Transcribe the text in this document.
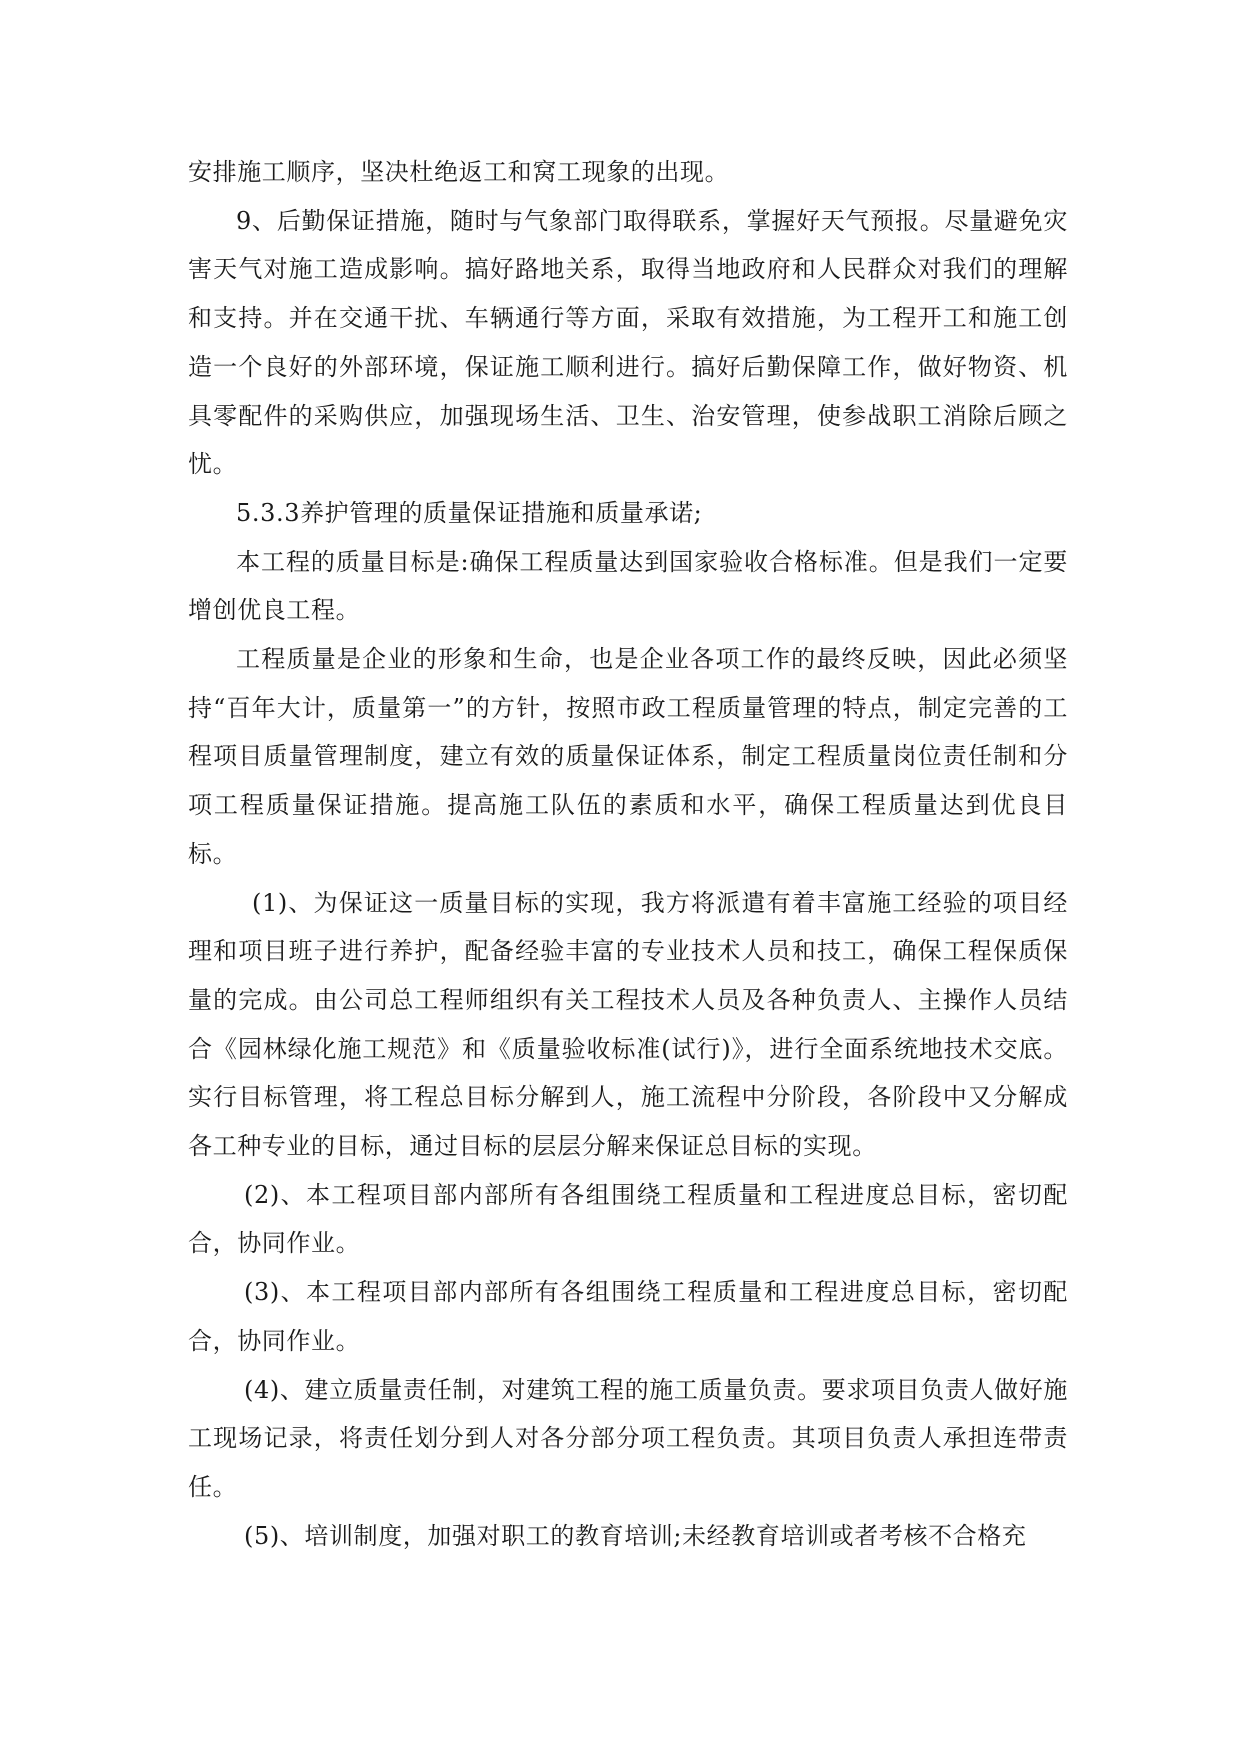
安排施工顺序，坚决杜绝返工和窝工现象的出现。

9、后勤保证措施，随时与气象部门取得联系，掌握好天气预报。尽量避免灾害天气对施工造成影响。搞好路地关系，取得当地政府和人民群众对我们的理解和支持。并在交通干扰、车辆通行等方面，采取有效措施，为工程开工和施工创造一个良好的外部环境，保证施工顺利进行。搞好后勤保障工作，做好物资、机具零配件的采购供应，加强现场生活、卫生、治安管理，使参战职工消除后顾之忧。

5.3.3养护管理的质量保证措施和质量承诺;

本工程的质量目标是:确保工程质量达到国家验收合格标准。但是我们一定要增创优良工程。

工程质量是企业的形象和生命，也是企业各项工作的最终反映，因此必须坚持“百年大计，质量第一”的方针，按照市政工程质量管理的特点，制定完善的工程项目质量管理制度，建立有效的质量保证体系，制定工程质量岗位责任制和分项工程质量保证措施。提高施工队伍的素质和水平，确保工程质量达到优良目标。

(1)、为保证这一质量目标的实现，我方将派遣有着丰富施工经验的项目经理和项目班子进行养护，配备经验丰富的专业技术人员和技工，确保工程保质保量的完成。由公司总工程师组织有关工程技术人员及各种负责人、主操作人员结合《园林绿化施工规范》和《质量验收标准(试行)》，进行全面系统地技术交底。实行目标管理，将工程总目标分解到人，施工流程中分阶段，各阶段中又分解成各工种专业的目标，通过目标的层层分解来保证总目标的实现。

(2)、本工程项目部内部所有各组围绕工程质量和工程进度总目标，密切配合，协同作业。

(3)、本工程项目部内部所有各组围绕工程质量和工程进度总目标，密切配合，协同作业。

(4)、建立质量责任制，对建筑工程的施工质量负责。要求项目负责人做好施工现场记录，将责任划分到人对各分部分项工程负责。其项目负责人承担连带责任。

(5)、培训制度，加强对职工的教育培训;未经教育培训或者考核不合格充
